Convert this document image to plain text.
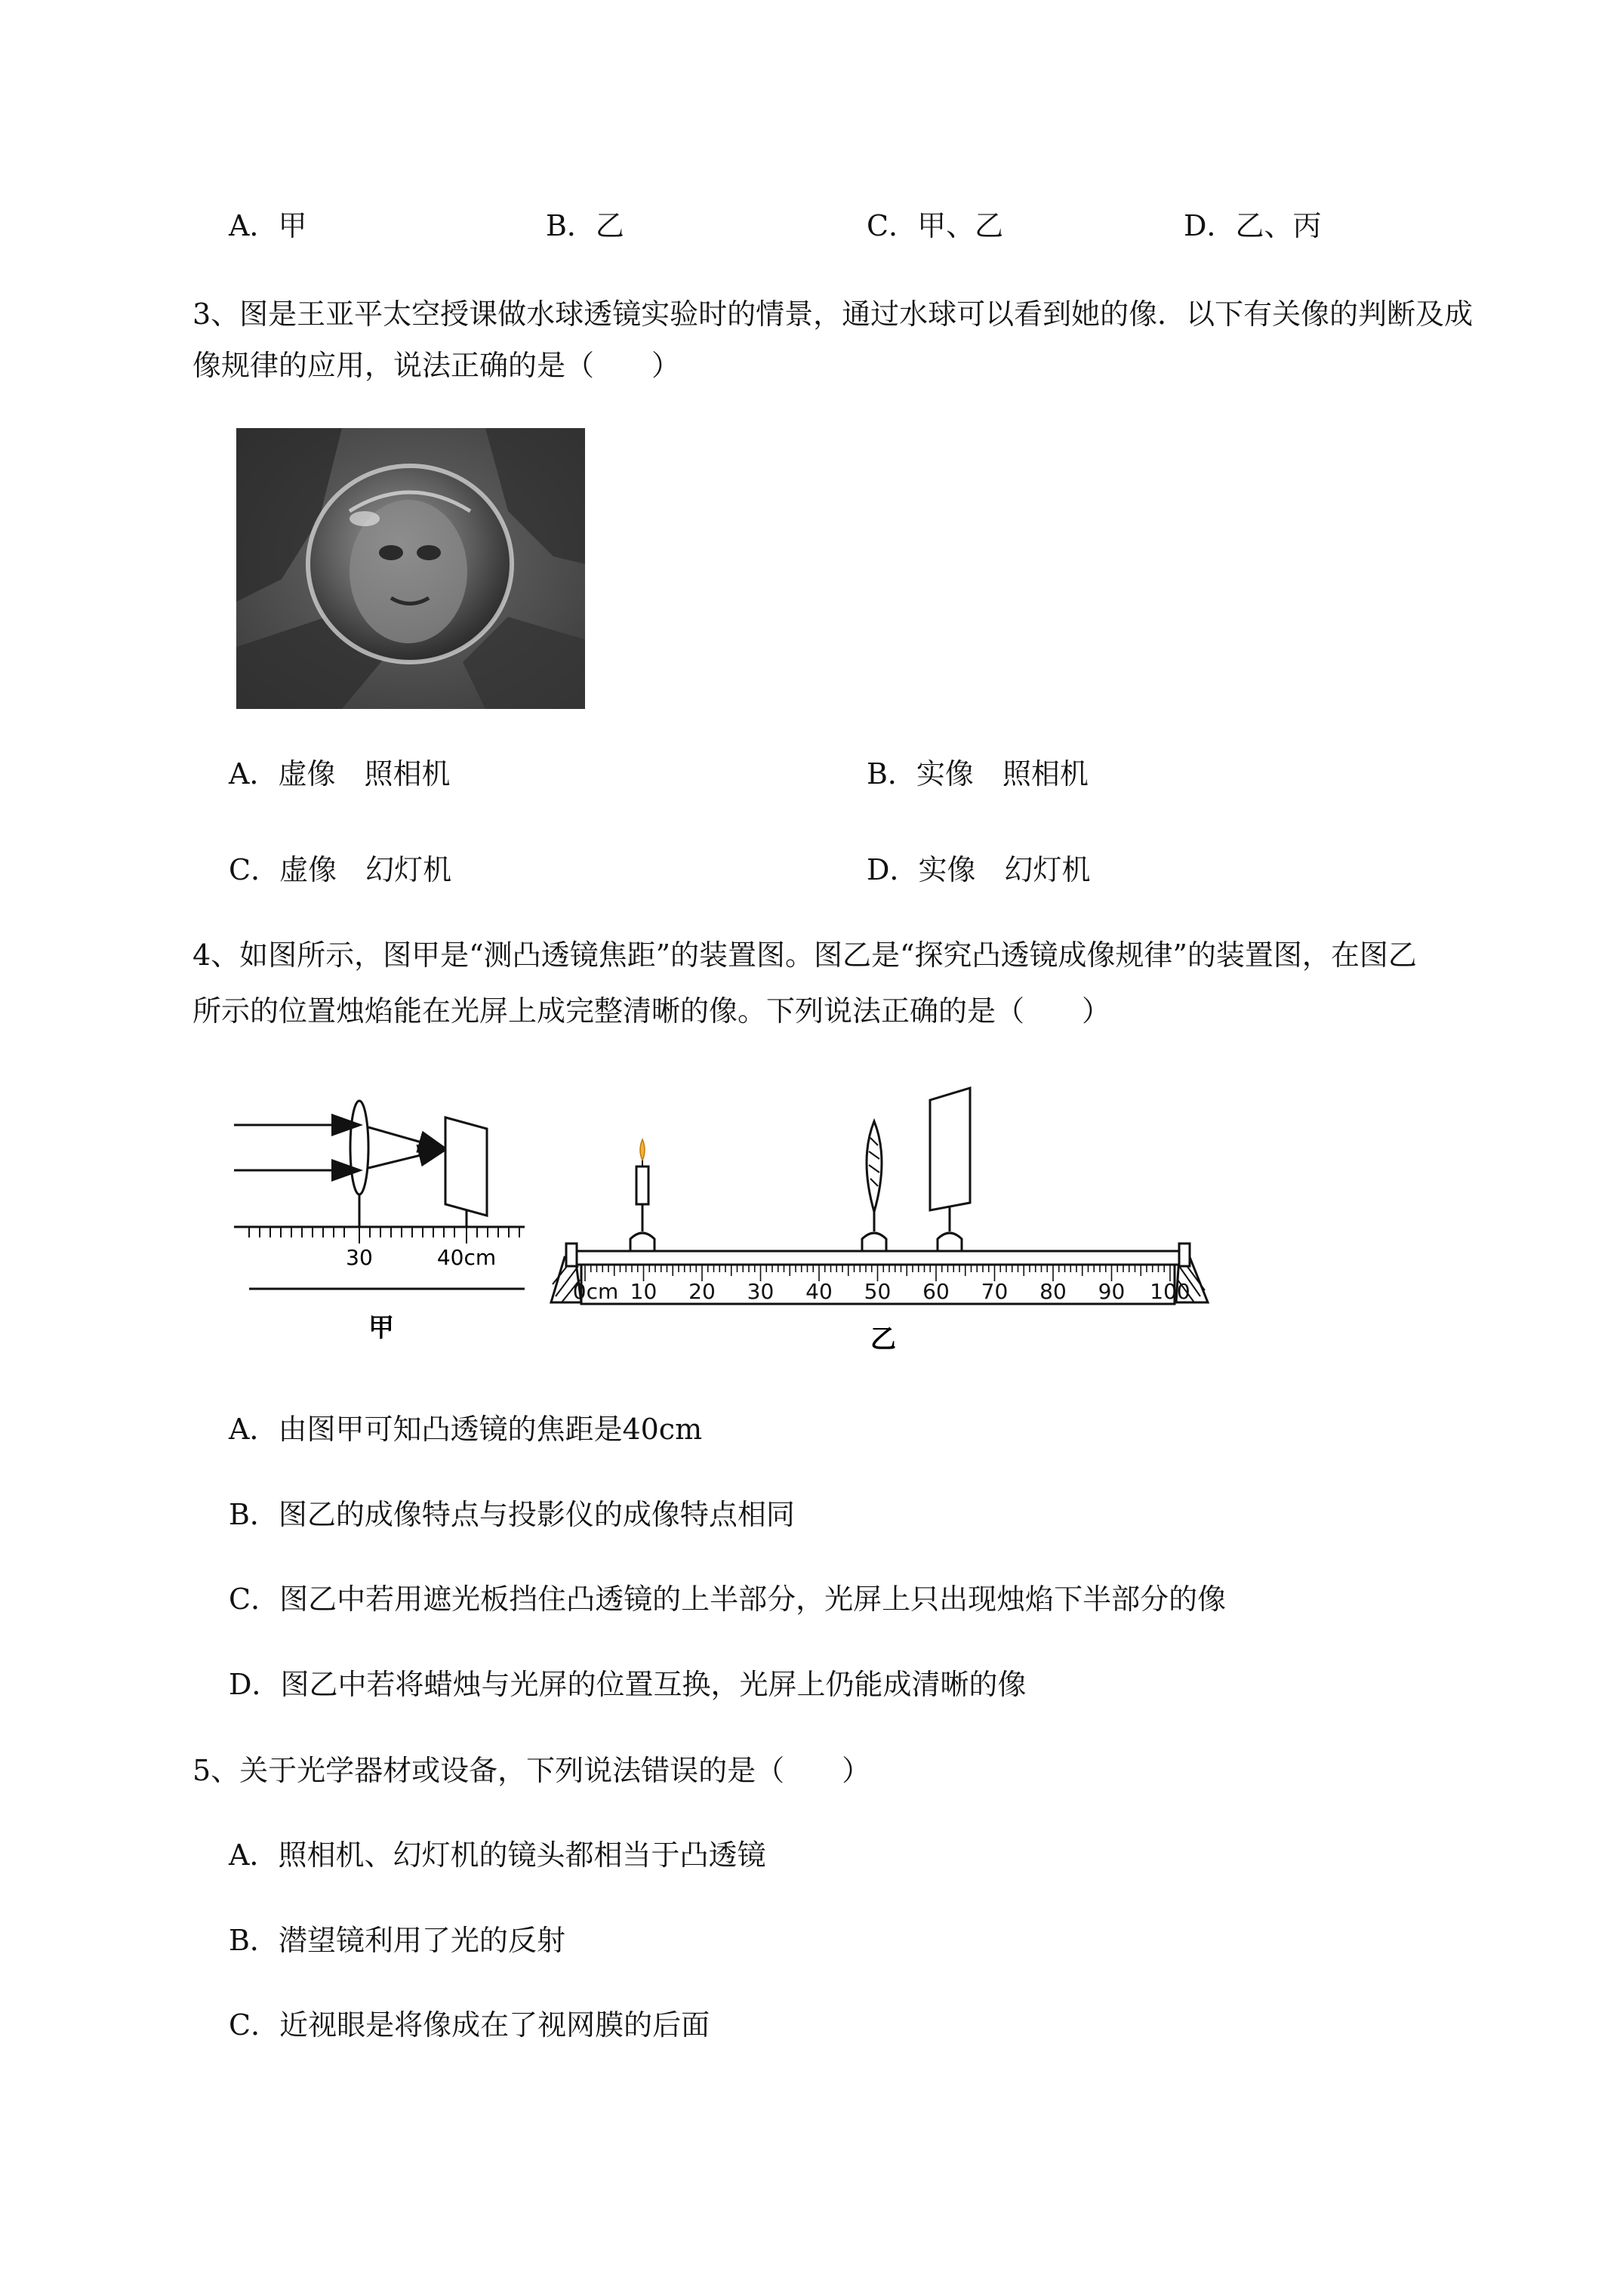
A．甲	B．乙	C．甲、乙	D．乙、丙
3、图是王亚平太空授课做水球透镜实验时的情景，通过水球可以看到她的像．以下有关像的判断及成
像规律的应用，说法正确的是（　　）
A．虚像　照相机	B．实像　照相机
C．虚像　幻灯机	D．实像　幻灯机
4、如图所示，图甲是“测凸透镜焦距”的装置图。图乙是“探究凸透镜成像规律”的装置图，在图乙
所示的位置烛焰能在光屏上成完整清晰的像。下列说法正确的是（　　）
30	40cm
甲
0cm 10 20 30 40 50 60 70 80 90 100
乙
A．由图甲可知凸透镜的焦距是40cm
B．图乙的成像特点与投影仪的成像特点相同
C．图乙中若用遮光板挡住凸透镜的上半部分，光屏上只出现烛焰下半部分的像
D．图乙中若将蜡烛与光屏的位置互换，光屏上仍能成清晰的像
5、关于光学器材或设备，下列说法错误的是（　　）
A．照相机、幻灯机的镜头都相当于凸透镜
B．潜望镜利用了光的反射
C．近视眼是将像成在了视网膜的后面
